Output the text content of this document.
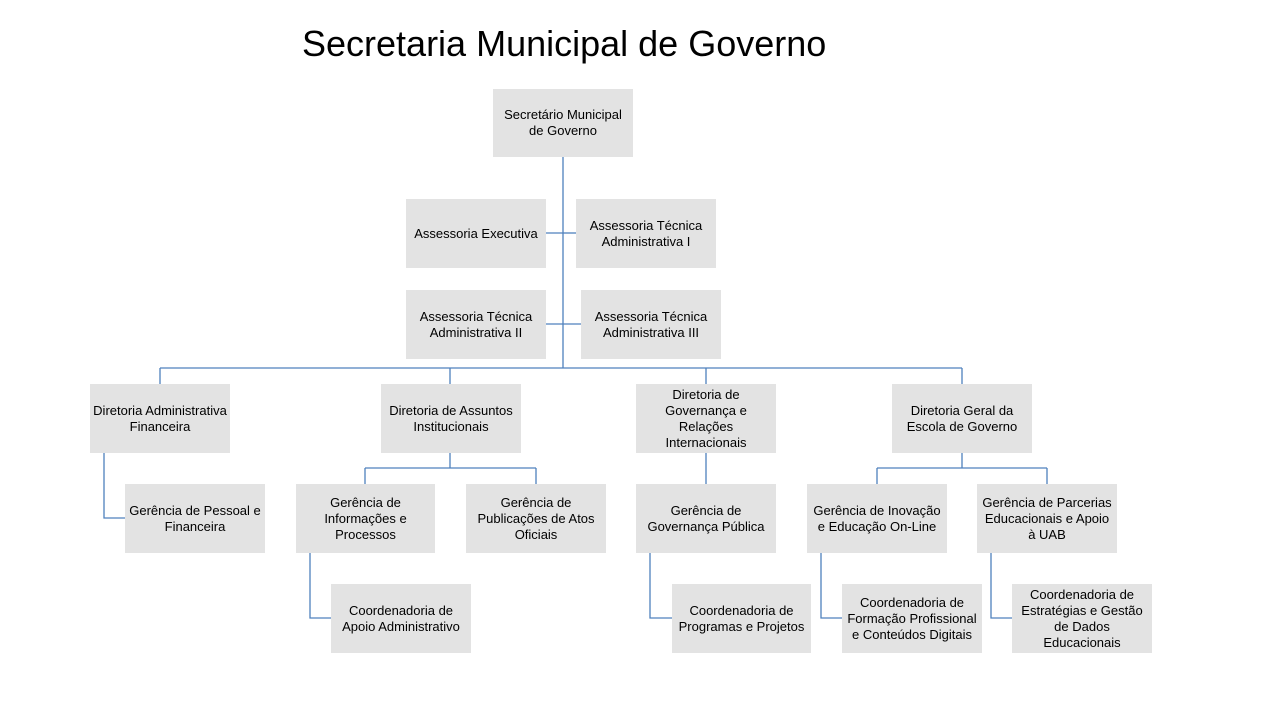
Secretaria Municipal de Governo
Secretário Municipal de Governo
Assessoria Executiva
Assessoria Técnica Administrativa I
Assessoria Técnica Administrativa II
Assessoria Técnica Administrativa III
Diretoria Administrativa Financeira
Diretoria de Assuntos Institucionais
Diretoria de Governança e Relações Internacionais
Diretoria Geral da Escola de Governo
Gerência de Pessoal e Financeira
Gerência de Informações e Processos
Gerência de Publicações de Atos Oficiais
Gerência de Governança Pública
Gerência de Inovação e Educação On-Line
Gerência de Parcerias Educacionais e Apoio à UAB
Coordenadoria de Apoio Administrativo
Coordenadoria de Programas e Projetos
Coordenadoria de Formação Profissional e Conteúdos Digitais
Coordenadoria de Estratégias e Gestão de Dados Educacionais
